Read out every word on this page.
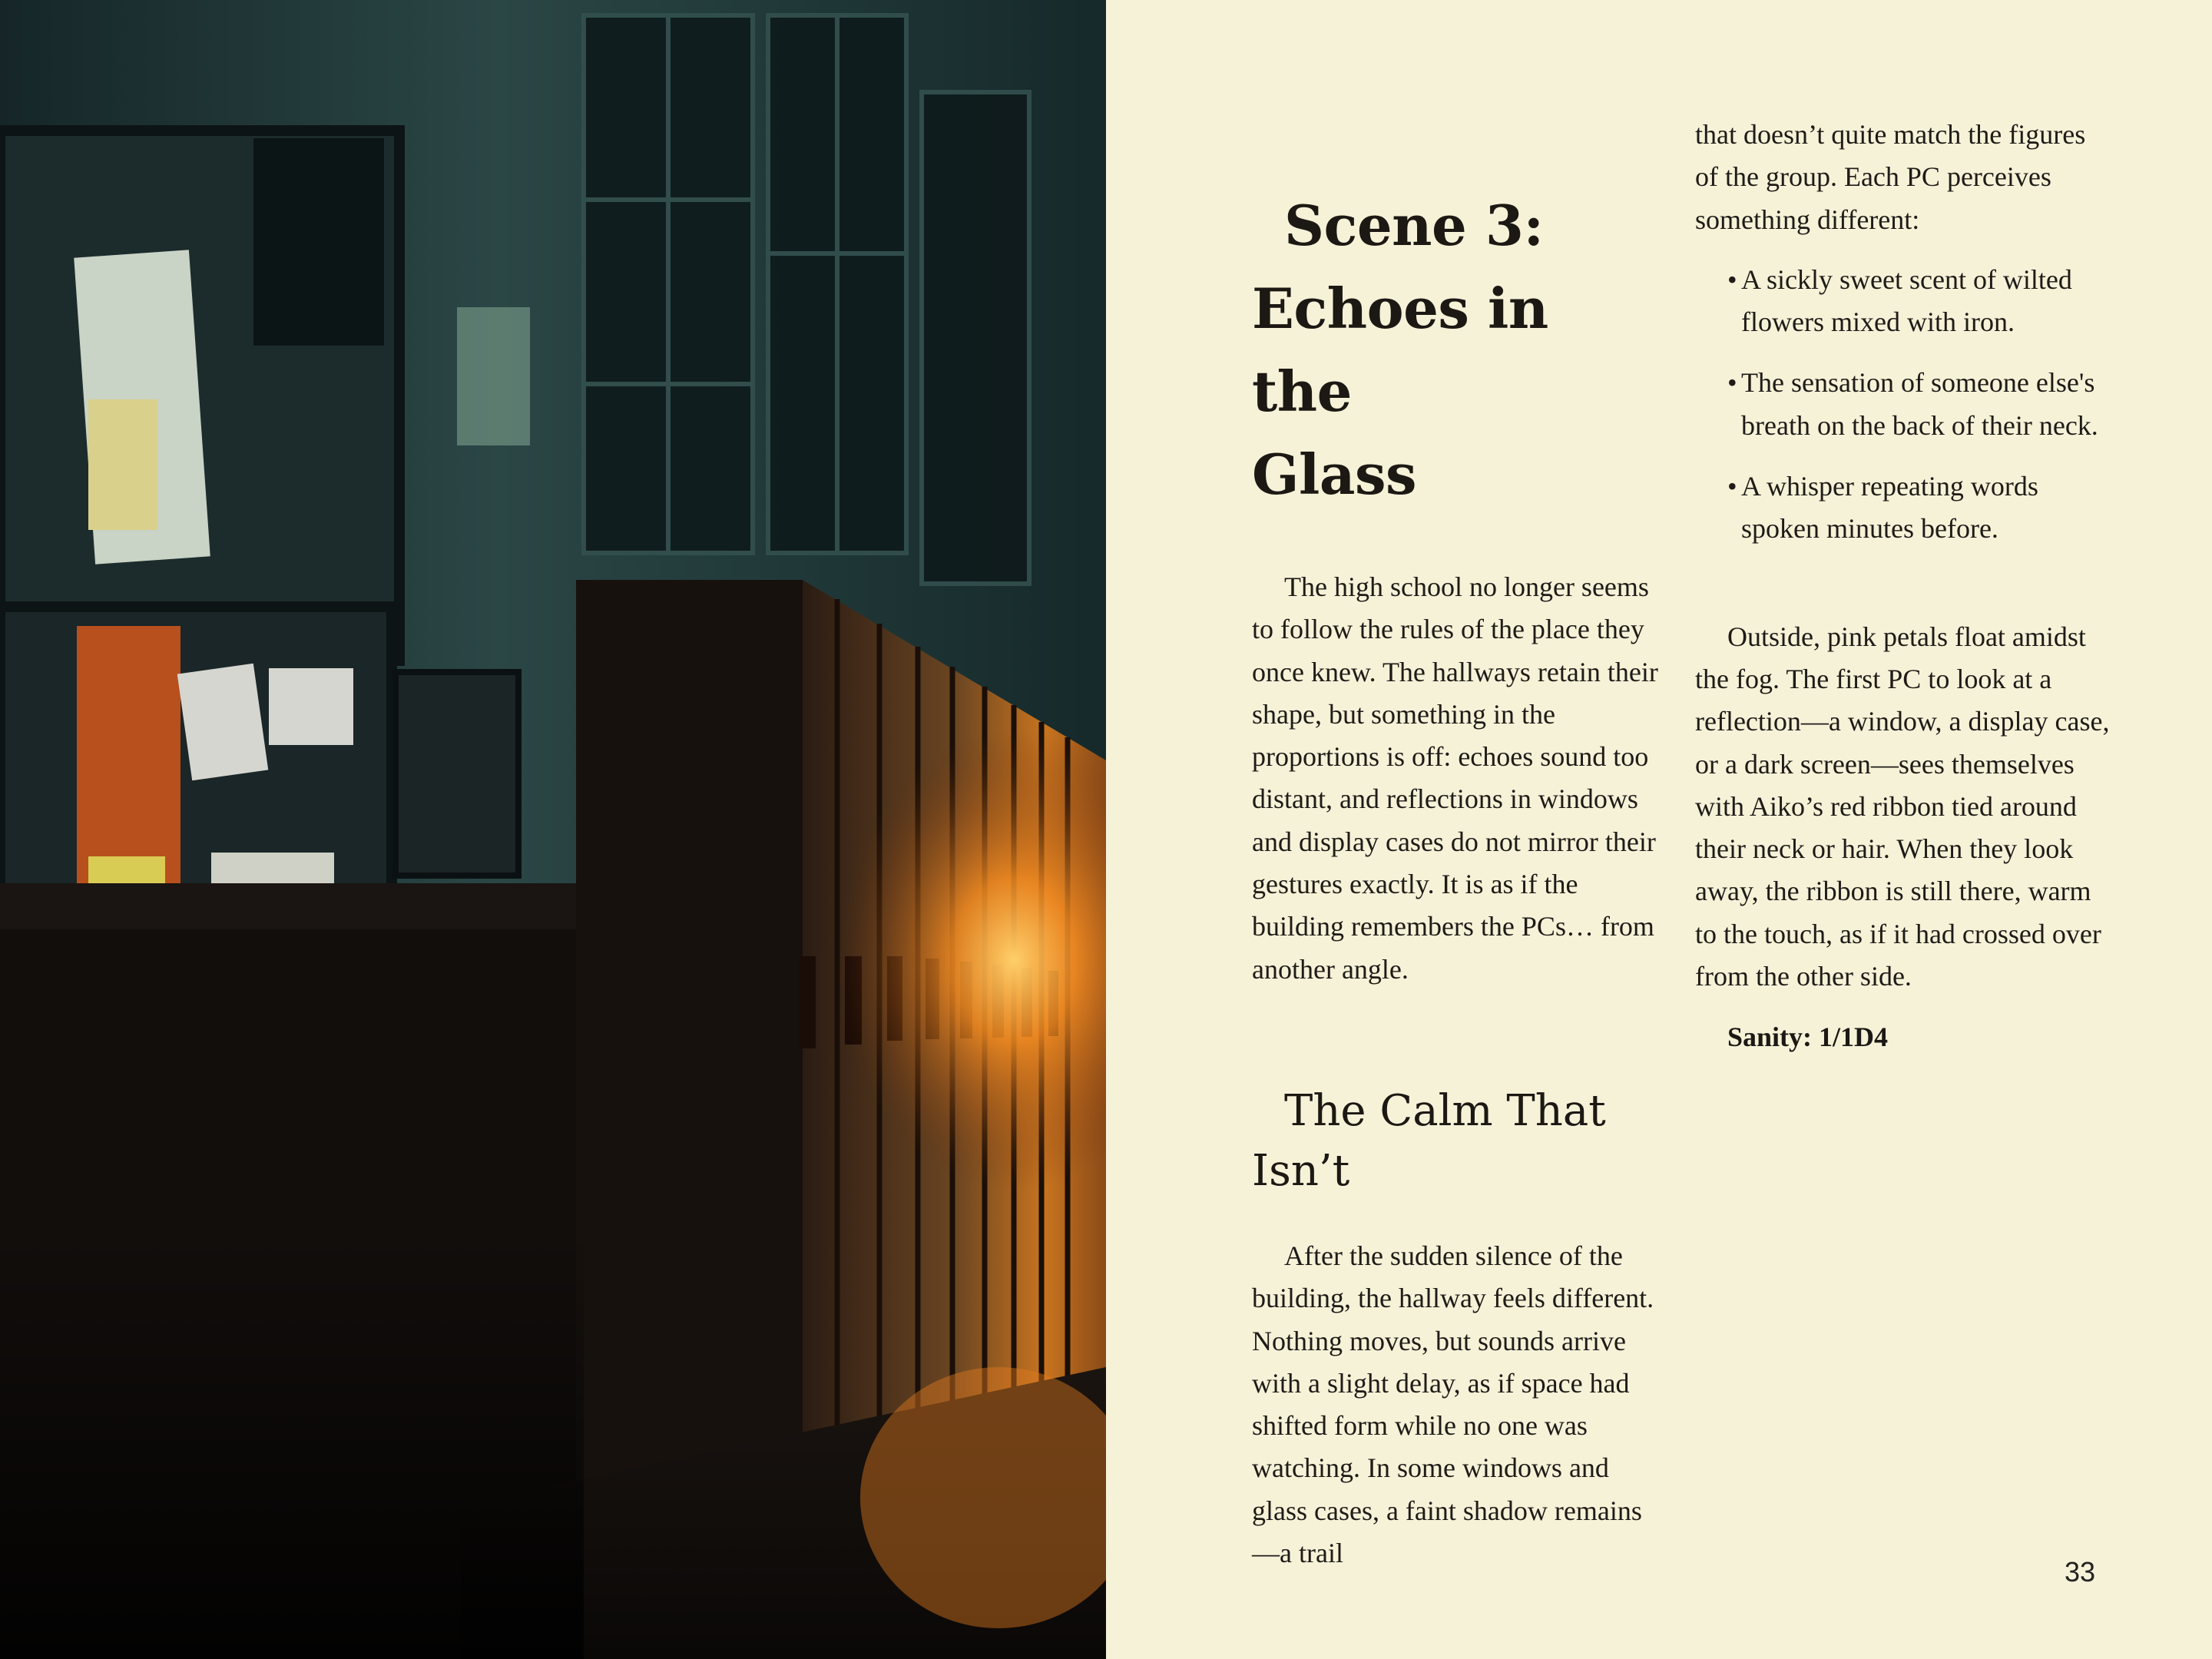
Scene 3:
Echoes in the
Glass

The high school no longer seems to follow the rules of the place they once knew. The hallways retain their shape, but something in the proportions is off: echoes sound too distant, and reflections in windows and display cases do not mirror their gestures exactly. It is as if the building remembers the PCs… from another angle.

The Calm That
Isn’t

After the sudden silence of the building, the hallway feels different. Nothing moves, but sounds arrive with a slight delay, as if space had shifted form while no one was watching. In some windows and glass cases, a faint shadow remains—a trail

that doesn’t quite match the figures of the group. Each PC perceives something different:

• A sickly sweet scent of wilted flowers mixed with iron.
• The sensation of someone else's breath on the back of their neck.
• A whisper repeating words spoken minutes before.

Outside, pink petals float amidst the fog. The first PC to look at a reflection—a window, a display case, or a dark screen—sees themselves with Aiko’s red ribbon tied around their neck or hair. When they look away, the ribbon is still there, warm to the touch, as if it had crossed over from the other side.

Sanity: 1/1D4

33
